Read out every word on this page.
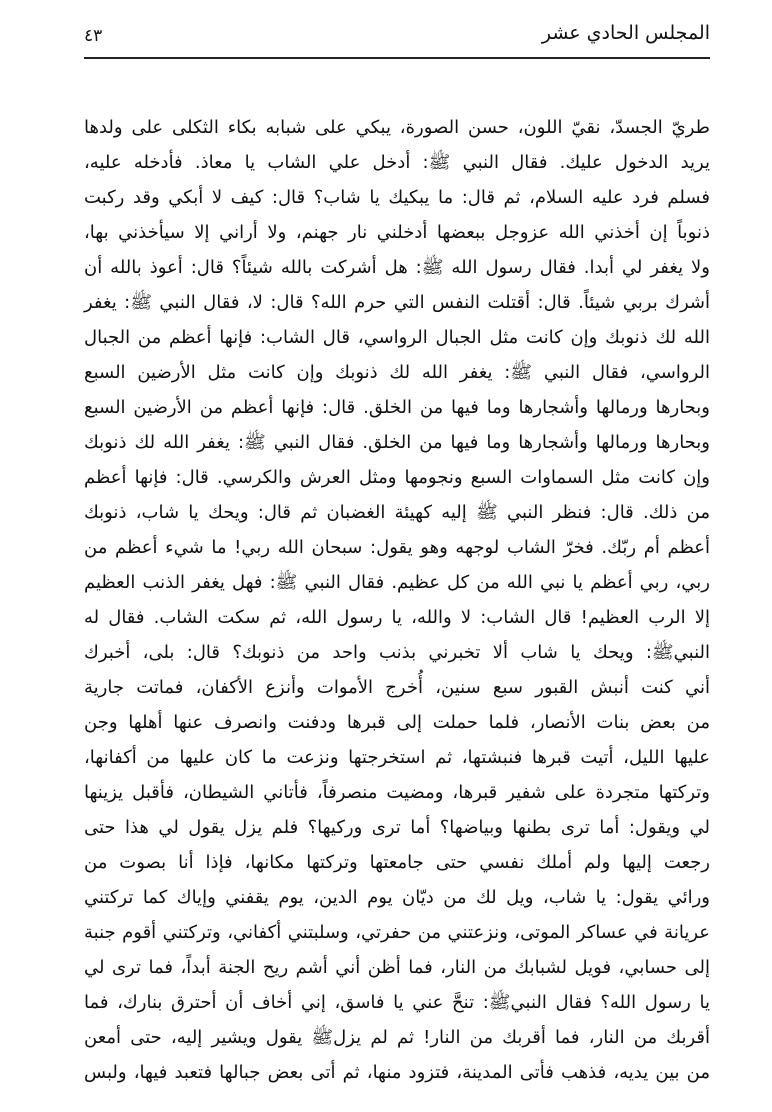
المجلس الحادي عشر
٤٣
طريّ الجسدّ، نقيّ اللون، حسن الصورة، يبكي على شبابه بكاء الثكلى على ولدها
يريد الدخول عليك. فقال النبي ﷺ: أدخل علي الشاب يا معاذ. فأدخله عليه،
فسلم فرد عليه السلام، ثم قال: ما يبكيك يا شاب؟ قال: كيف لا أبكي وقد ركبت
ذنوباً إن أخذني الله عزوجل ببعضها أدخلني نار جهنم، ولا أراني إلا سيأخذني بها،
ولا يغفر لي أبدا. فقال رسول الله ﷺ: هل أشركت بالله شيئاً؟ قال: أعوذ بالله أن
أشرك بربي شيئاً. قال: أقتلت النفس التي حرم الله؟ قال: لا، فقال النبي ﷺ: يغفر
الله لك ذنوبك وإن كانت مثل الجبال الرواسي، قال الشاب: فإنها أعظم من الجبال
الرواسي، فقال النبي ﷺ: يغفر الله لك ذنوبك وإن كانت مثل الأرضين السبع
وبحارها ورمالها وأشجارها وما فيها من الخلق. قال: فإنها أعظم من الأرضين السبع
وبحارها ورمالها وأشجارها وما فيها من الخلق. فقال النبي ﷺ: يغفر الله لك ذنوبك
وإن كانت مثل السماوات السبع ونجومها ومثل العرش والكرسي. قال: فإنها أعظم
من ذلك. قال: فنظر النبي ﷺ إليه كهيئة الغضبان ثم قال: ويحك يا شاب، ذنوبك
أعظم أم ربّك. فخرّ الشاب لوجهه وهو يقول: سبحان الله ربي! ما شيء أعظم من
ربي، ربي أعظم يا نبي الله من كل عظيم. فقال النبي ﷺ: فهل يغفر الذنب العظيم
إلا الرب العظيم! قال الشاب: لا والله، يا رسول الله، ثم سكت الشاب. فقال له
النبيﷺ: ويحك يا شاب ألا تخبرني بذنب واحد من ذنوبك؟ قال: بلى، أخبرك
أني كنت أنبش القبور سبع سنين، أُخرج الأموات وأنزع الأكفان، فماتت جارية
من بعض بنات الأنصار، فلما حملت إلى قبرها ودفنت وانصرف عنها أهلها وجن
عليها الليل، أتيت قبرها فنبشتها، ثم استخرجتها ونزعت ما كان عليها من أكفانها،
وتركتها متجردة على شفير قبرها، ومضيت منصرفاً، فأتاني الشيطان، فأقبل يزينها
لي ويقول: أما ترى بطنها وبياضها؟ أما ترى وركيها؟ فلم يزل يقول لي هذا حتى
رجعت إليها ولم أملك نفسي حتى جامعتها وتركتها مكانها، فإذا أنا بصوت من
ورائي يقول: يا شاب، ويل لك من ديّان يوم الدين، يوم يقفني وإياك كما تركتني
عريانة في عساكر الموتى، ونزعتني من حفرتي، وسلبتني أكفاني، وتركتني أقوم جنبة
إلى حسابي، فويل لشبابك من النار، فما أظن أني أشم ريح الجنة أبداً، فما ترى لي
يا رسول الله؟ فقال النبيﷺ: تنحَّ عني يا فاسق، إني أخاف أن أحترق بنارك، فما
أقربك من النار، فما أقربك من النار! ثم لم يزلﷺ يقول ويشير إليه، حتى أمعن
من بين يديه، فذهب فأتى المدينة، فتزود منها، ثم أتى بعض جبالها فتعبد فيها، ولبس
